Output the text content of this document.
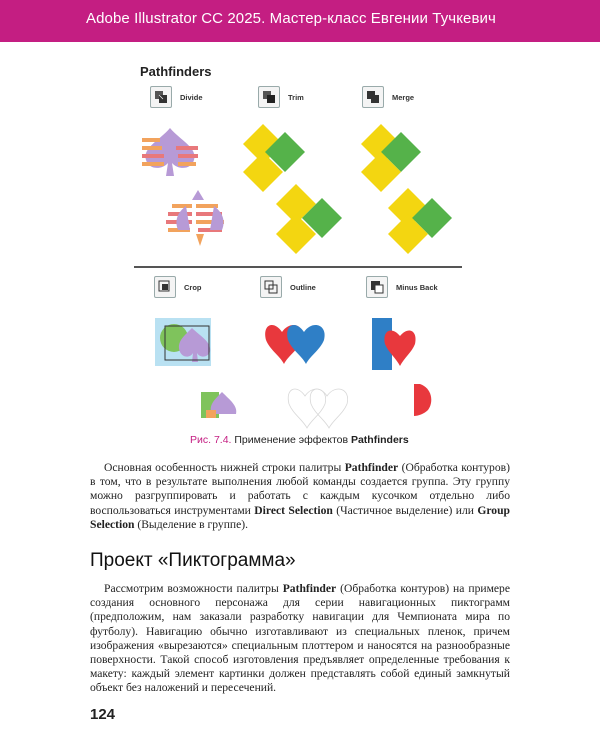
Adobe Illustrator CC 2025. Мастер-класс Евгении Тучкевич
Pathfinders
Divide	Trim	Merge
Crop	Outline	Minus Back
Рис. 7.4. Применение эффектов Pathfinders

Основная особенность нижней строки палитры Pathfinder (Обработка контуров) в том, что в результате выполнения любой команды создается группа. Эту группу можно разгруппировать и работать с каждым кусочком отдельно либо воспользоваться инструментами Direct Selection (Частичное выделение) или Group Selection (Выделение в группе).

Проект «Пиктограмма»

Рассмотрим возможности палитры Pathfinder (Обработка контуров) на примере создания основного персонажа для серии навигационных пиктограмм (предположим, нам заказали разработку навигации для Чемпионата мира по футболу). Навигацию обычно изготавливают из специальных пленок, причем изображения «вырезаются» специальным плоттером и наносятся на разнообразные поверхности. Такой способ изготовления предъявляет определенные требования к макету: каждый элемент картинки должен представлять собой единый замкнутый объект без наложений и пересечений.

124
